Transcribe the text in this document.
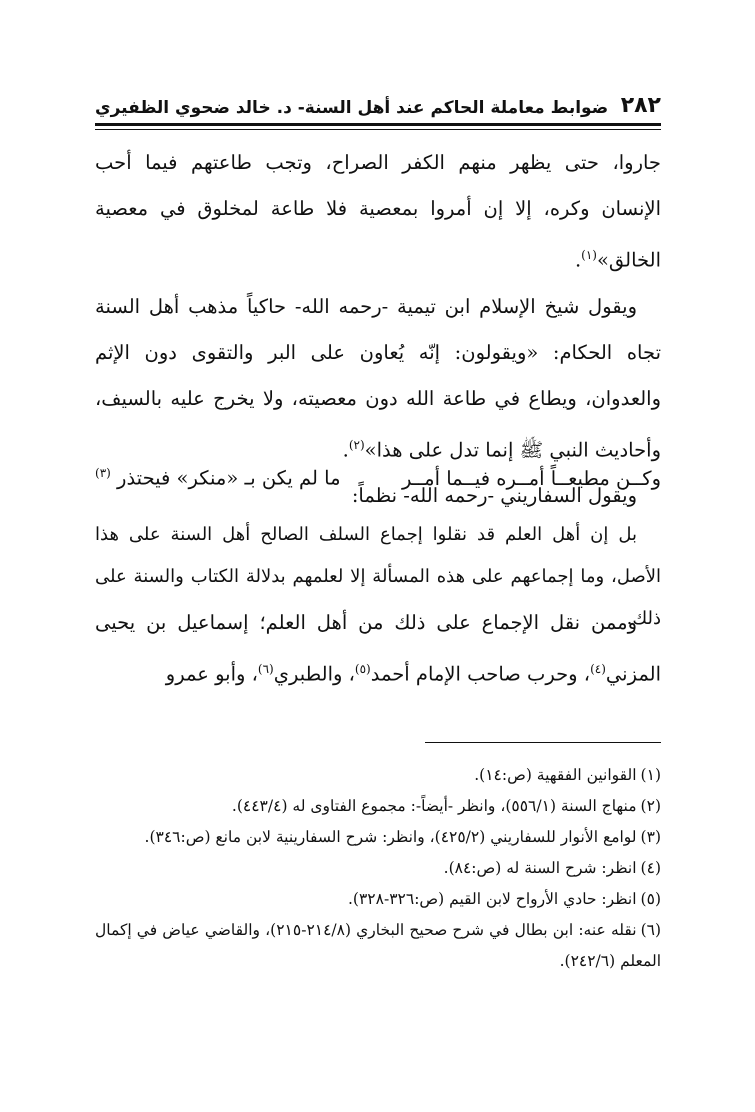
٢٨٢
ضوابط معاملة الحاكم عند أهل السنة- د. خالد ضحوي الظفيري

جاروا، حتى يظهر منهم الكفر الصراح، وتجب طاعتهم فيما أحب الإنسان وكره، إلا إن أمروا بمعصية فلا طاعة لمخلوق في معصية الخالق»$^{(١)}$.

ويقول شيخ الإسلام ابن تيمية -رحمه الله- حاكياً مذهب أهل السنة تجاه الحكام: «ويقولون: إنّه يُعاون على البر والتقوى دون الإثم والعدوان، ويطاع في طاعة الله دون معصيته، ولا يخرج عليه بالسيف، وأحاديث النبي ﷺ إنما تدل على هذا»$^{(٢)}$.

ويقول السفاريني -رحمه الله- نظماً:

وكــن مطيعــاً أمــره فيــما أمــر
ما لم يكن بـ «منكر» فيحتذر $^{(٣)}$

بل إن أهل العلم قد نقلوا إجماع السلف الصالح أهل السنة على هذا الأصل، وما إجماعهم على هذه المسألة إلا لعلمهم بدلالة الكتاب والسنة على ذلك.

وممن نقل الإجماع على ذلك من أهل العلم؛ إسماعيل بن يحيى المزني$^{(٤)}$، وحرب صاحب الإمام أحمد$^{(٥)}$، والطبري$^{(٦)}$، وأبو عمرو

(١)القوانين الفقهية (ص:١٤).

(٢)منهاج السنة (٥٥٦/١)، وانظر -أيضاً-: مجموع الفتاوى له (٤٤٣/٤).

(٣)لوامع الأنوار للسفاريني (٤٢٥/٢)، وانظر: شرح السفارينية لابن مانع (ص:٣٤٦).

(٤)انظر: شرح السنة له (ص:٨٤).

(٥)انظر: حادي الأرواح لابن القيم (ص:٣٢٦-٣٢٨).

(٦)نقله عنه: ابن بطال في شرح صحيح البخاري (٢١٤/٨-٢١٥)، والقاضي عياض في إكمال المعلم (٢٤٢/٦).
